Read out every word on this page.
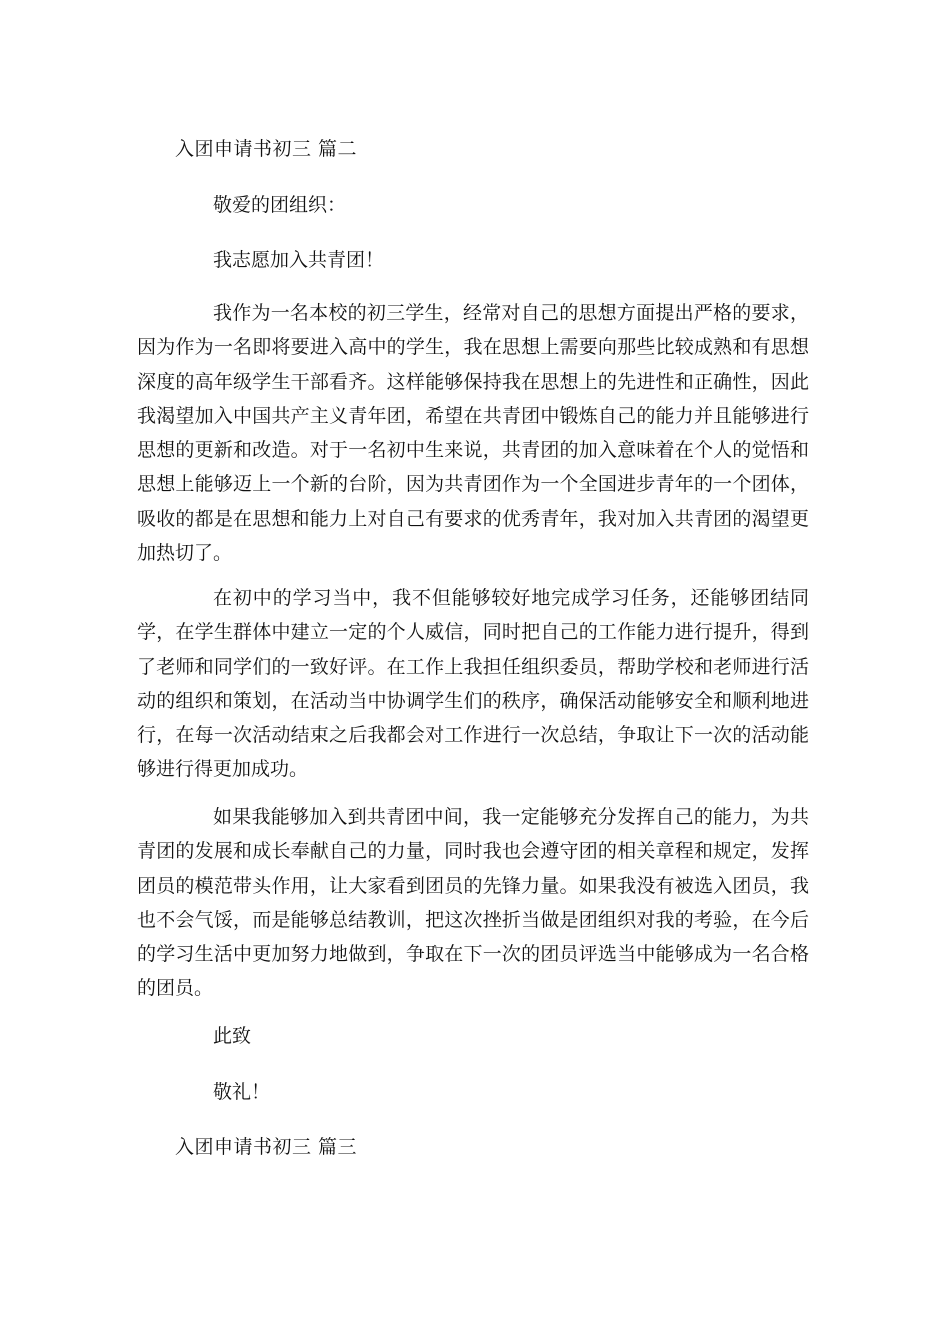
入团申请书初三 篇二
敬爱的团组织：
我志愿加入共青团！

我作为一名本校的初三学生，经常对自己的思想方面提出严格的要求，因为作为一名即将要进入高中的学生，我在思想上需要向那些比较成熟和有思想深度的高年级学生干部看齐。这样能够保持我在思想上的先进性和正确性，因此我渴望加入中国共产主义青年团，希望在共青团中锻炼自己的能力并且能够进行思想的更新和改造。对于一名初中生来说，共青团的加入意味着在个人的觉悟和思想上能够迈上一个新的台阶，因为共青团作为一个全国进步青年的一个团体，吸收的都是在思想和能力上对自己有要求的优秀青年，我对加入共青团的渴望更加热切了。

在初中的学习当中，我不但能够较好地完成学习任务，还能够团结同学，在学生群体中建立一定的个人威信，同时把自己的工作能力进行提升，得到了老师和同学们的一致好评。在工作上我担任组织委员，帮助学校和老师进行活动的组织和策划，在活动当中协调学生们的秩序，确保活动能够安全和顺利地进行，在每一次活动结束之后我都会对工作进行一次总结，争取让下一次的活动能够进行得更加成功。

如果我能够加入到共青团中间，我一定能够充分发挥自己的能力，为共青团的发展和成长奉献自己的力量，同时我也会遵守团的相关章程和规定，发挥团员的模范带头作用，让大家看到团员的先锋力量。如果我没有被选入团员，我也不会气馁，而是能够总结教训，把这次挫折当做是团组织对我的考验，在今后的学习生活中更加努力地做到，争取在下一次的团员评选当中能够成为一名合格的团员。

此致
敬礼！
入团申请书初三 篇三
